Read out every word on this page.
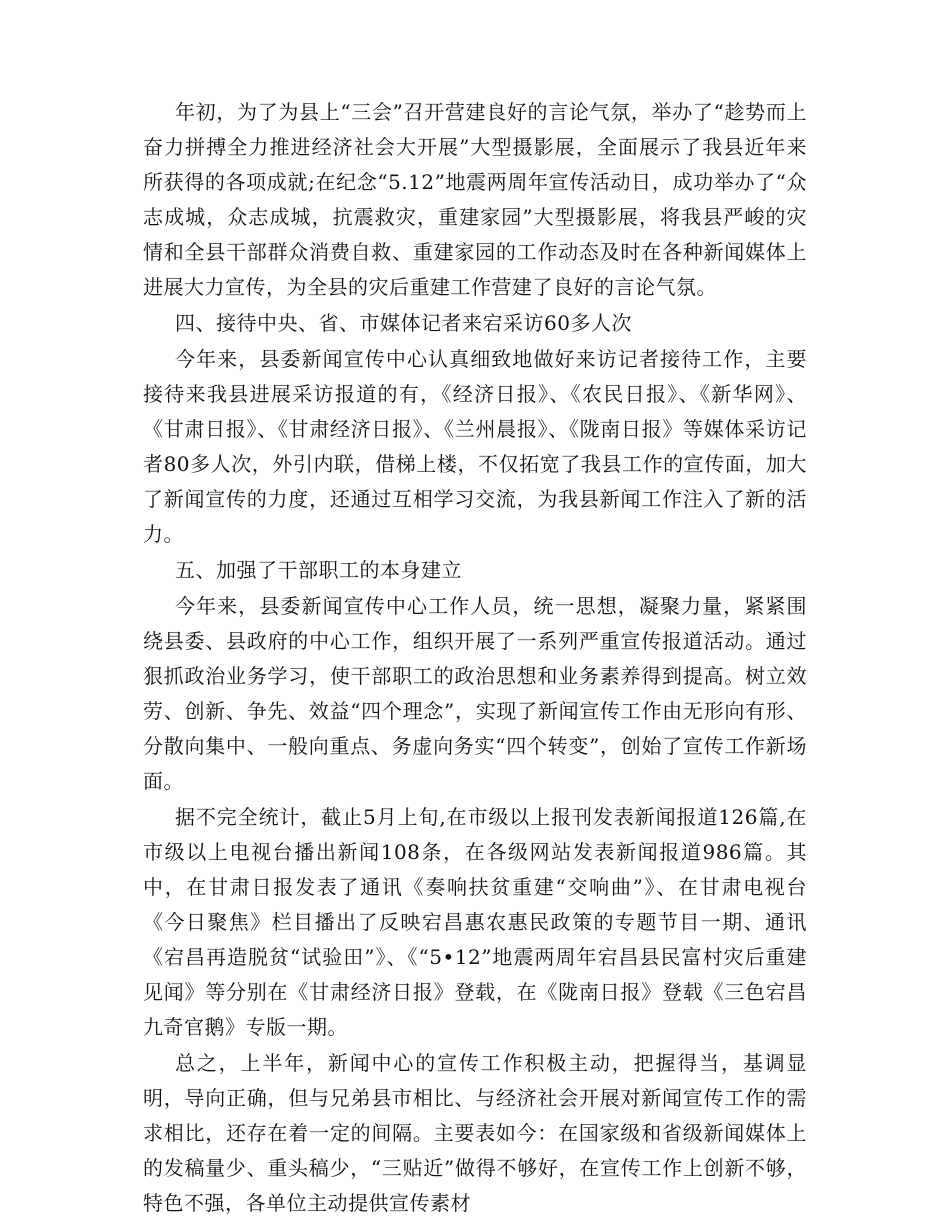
年初，为了为县上“三会”召开营建良好的言论气氛，举办了“趁势而上奋力拼搏全力推进经济社会大开展”大型摄影展，全面展示了我县近年来所获得的各项成就;在纪念“5.12”地震两周年宣传活动日，成功举办了“众志成城，众志成城，抗震救灾，重建家园”大型摄影展，将我县严峻的灾情和全县干部群众消费自救、重建家园的工作动态及时在各种新闻媒体上进展大力宣传，为全县的灾后重建工作营建了良好的言论气氛。

四、接待中央、省、市媒体记者来宕采访60多人次

今年来，县委新闻宣传中心认真细致地做好来访记者接待工作，主要接待来我县进展采访报道的有，《经济日报》、《农民日报》、《新华网》、《甘肃日报》、《甘肃经济日报》、《兰州晨报》、《陇南日报》等媒体采访记者80多人次，外引内联，借梯上楼，不仅拓宽了我县工作的宣传面，加大了新闻宣传的力度，还通过互相学习交流，为我县新闻工作注入了新的活力。

五、加强了干部职工的本身建立

今年来，县委新闻宣传中心工作人员，统一思想，凝聚力量，紧紧围绕县委、县政府的中心工作，组织开展了一系列严重宣传报道活动。通过狠抓政治业务学习，使干部职工的政治思想和业务素养得到提高。树立效劳、创新、争先、效益“四个理念”，实现了新闻宣传工作由无形向有形、分散向集中、一般向重点、务虚向务实“四个转变”，创始了宣传工作新场面。

据不完全统计，截止5月上旬,在市级以上报刊发表新闻报道126篇,在市级以上电视台播出新闻108条，在各级网站发表新闻报道986篇。其中，在甘肃日报发表了通讯《奏响扶贫重建“交响曲”》、在甘肃电视台《今日聚焦》栏目播出了反映宕昌惠农惠民政策的专题节目一期、通讯《宕昌再造脱贫“试验田”》、《“5•12”地震两周年宕昌县民富村灾后重建见闻》等分别在《甘肃经济日报》登载，在《陇南日报》登载《三色宕昌九奇官鹅》专版一期。

总之，上半年，新闻中心的宣传工作积极主动，把握得当，基调显明，导向正确，但与兄弟县市相比、与经济社会开展对新闻宣传工作的需求相比，还存在着一定的间隔。主要表如今：在国家级和省级新闻媒体上的发稿量少、重头稿少，“三贴近”做得不够好，在宣传工作上创新不够，特色不强，各单位主动提供宣传素材
